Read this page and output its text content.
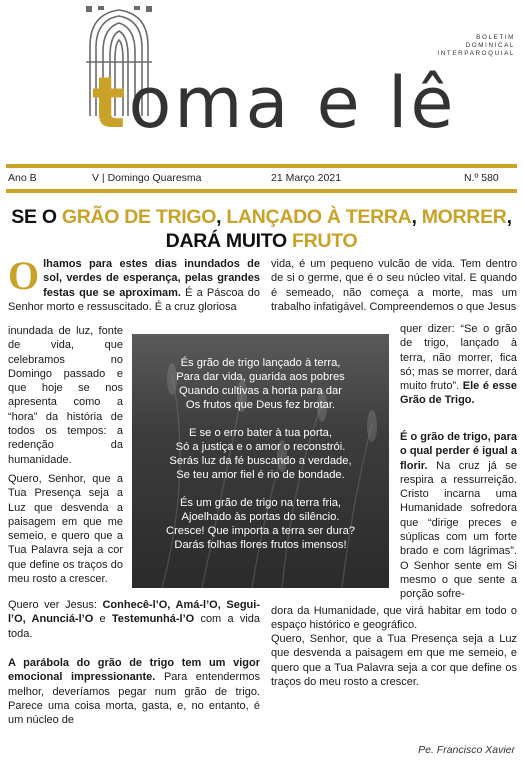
toma e lê
BOLETIM
DOMINICAL
INTERPAROQUIAL
Ano B	V | Domingo Quaresma	21 Março 2021	N.º 580
SE O GRÃO DE TRIGO, LANÇADO À TERRA, MORRER,
DARÁ MUITO FRUTO
Olhamos para estes dias inundados de sol, verdes de esperança, pelas grandes festas que se aproximam. É a Páscoa do Senhor morto e ressuscitado. É a cruz gloriosa
inundada de luz, fonte de vida, que celebramos no Domingo passado e que hoje se nos apresenta como a “hora” da história de todos os tempos: a redenção da humanidade.
Quero, Senhor, que a Tua Presença seja a Luz que desvenda a paisagem em que me semeio, e quero que a Tua Palavra seja a cor que define os traços do meu rosto a crescer.
Quero ver Jesus: Conhecê-l’O, Amá-l’O, Segui-l’O, Anunciá-l’O e Testemunhá-l’O com a vida toda.
A parábola do grão de trigo tem um vigor emocional impressionante. Para entendermos melhor, deveríamos pegar num grão de trigo. Parece uma coisa morta, gasta, e, no entanto, é um núcleo de
vida, é um pequeno vulcão de vida. Tem dentro de si o germe, que é o seu núcleo vital. E quando é semeado, não começa a morte, mas um trabalho infatigável. Compreendemos o que Jesus
quer dizer: “Se o grão de trigo, lançado à terra, não morrer, fica só; mas se morrer, dará muito fruto”. Ele é esse Grão de Trigo.
É o grão de trigo, para o qual perder é igual a florir. Na cruz já se respira a ressurreição. Cristo incarna uma Humanidade sofredora que “dirige preces e súplicas com um forte brado e com lágrimas”. O Senhor sente em Si mesmo o que sente a porção sofre-
dora da Humanidade, que virá habitar em todo o espaço histórico e geográfico.
Quero, Senhor, que a Tua Presença seja a Luz que desvenda a paisagem em que me semeio, e quero que a Tua Palavra seja a cor que define os traços do meu rosto a crescer.
És grão de trigo lançado à terra,
Para dar vida, guarida aos pobres
Quando cultivas a horta para dar
Os frutos que Deus fez brotar.
E se o erro bater à tua porta,
Só a justiça e o amor o reconstrói.
Serás luz da fé buscando a verdade,
Se teu amor fiel é rio de bondade.
És um grão de trigo na terra fria,
Ajoelhado às portas do silêncio.
Cresce! Que importa a terra ser dura?
Darás folhas flores frutos imensos!
Pe. Francisco Xavier
